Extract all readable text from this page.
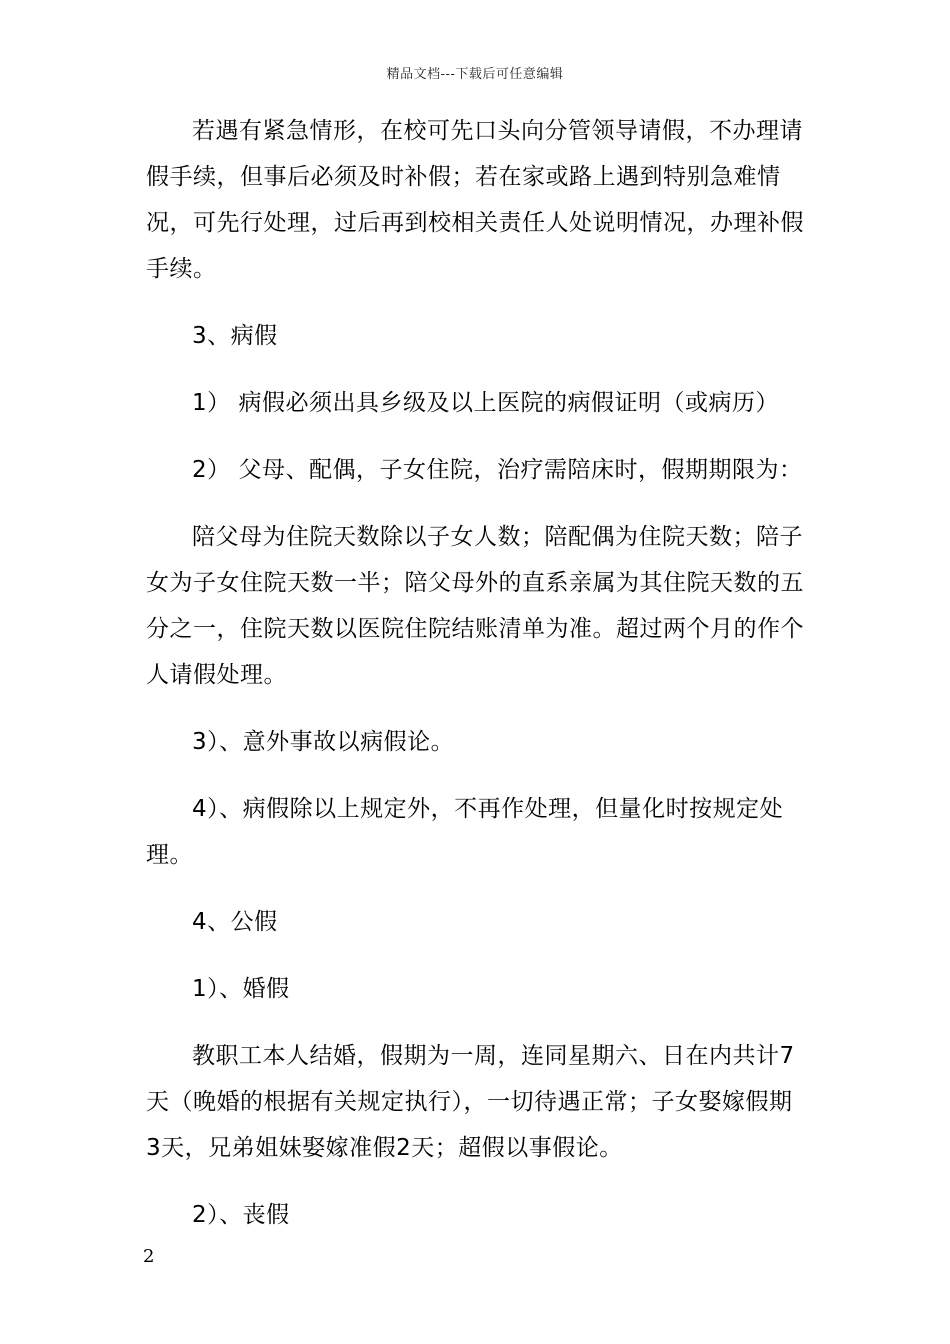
精品文档---下载后可任意编辑

若遇有紧急情形，在校可先口头向分管领导请假，不办理请假手续，但事后必须及时补假；若在家或路上遇到特别急难情况，可先行处理，过后再到校相关责任人处说明情况，办理补假手续。

3、病假

1） 病假必须出具乡级及以上医院的病假证明（或病历）

2） 父母、配偶，子女住院，治疗需陪床时，假期期限为：

陪父母为住院天数除以子女人数；陪配偶为住院天数；陪子女为子女住院天数一半；陪父母外的直系亲属为其住院天数的五分之一，住院天数以医院住院结账清单为准。超过两个月的作个人请假处理。

3）、意外事故以病假论。

4）、病假除以上规定外，不再作处理，但量化时按规定处理。

4、公假

1）、婚假

教职工本人结婚，假期为一周，连同星期六、日在内共计7天（晚婚的根据有关规定执行），一切待遇正常；子女娶嫁假期3天，兄弟姐妹娶嫁准假2天；超假以事假论。

2）、丧假

2
